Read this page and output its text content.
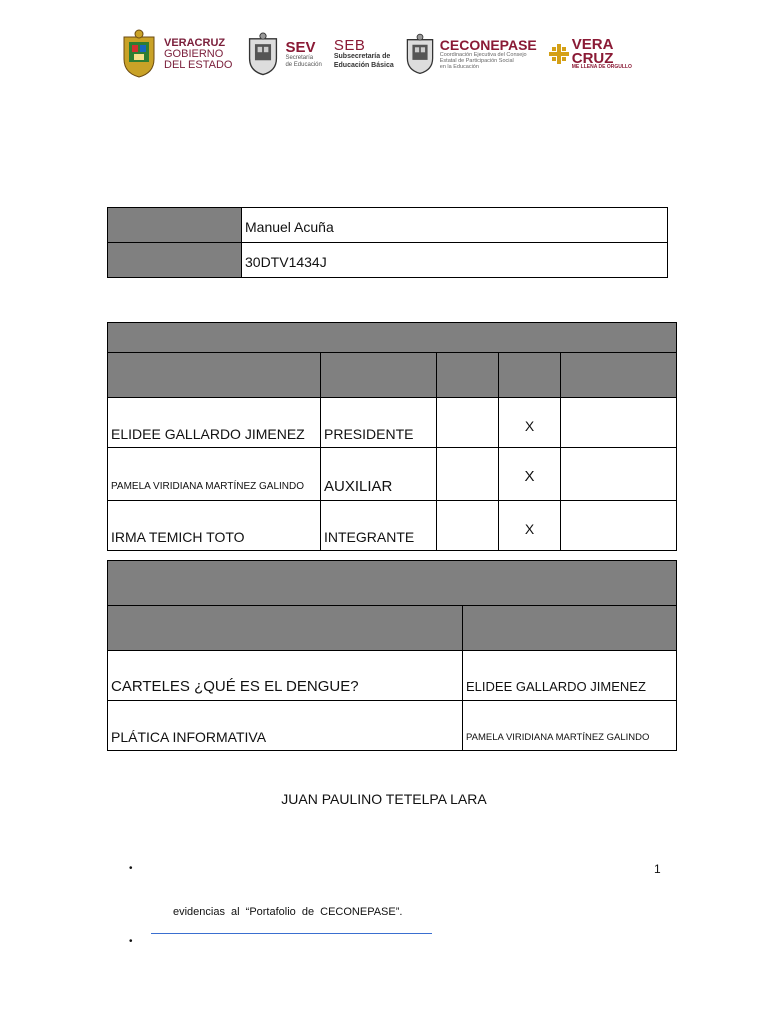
VERACRUZ
GOBIERNO
DEL ESTADO
SEV
Secretaría
de Educación
SEB
Subsecretaría de
Educación Básica
CECONEPASE
Coordinación Ejecutiva del Consejo
Estatal de Participación Social
en la Educación
VERA
CRUZ
ME LLENA DE ORGULLO
	Manuel Acuña
	30DTV1434J

ELIDEE GALLARDO JIMENEZ	PRESIDENTE		X	
PAMELA VIRIDIANA MARTÍNEZ GALINDO	AUXILIAR		X	
IRMA TEMICH TOTO	INTEGRANTE		X	

CARTELES ¿QUÉ ES EL DENGUE?	ELIDEE GALLARDO JIMENEZ
PLÁTICA INFORMATIVA	PAMELA VIRIDIANA MARTÍNEZ GALINDO
JUAN PAULINO TETELPA LARA
1
•
evidencias al “Portafolio de CECONEPASE”.
•
